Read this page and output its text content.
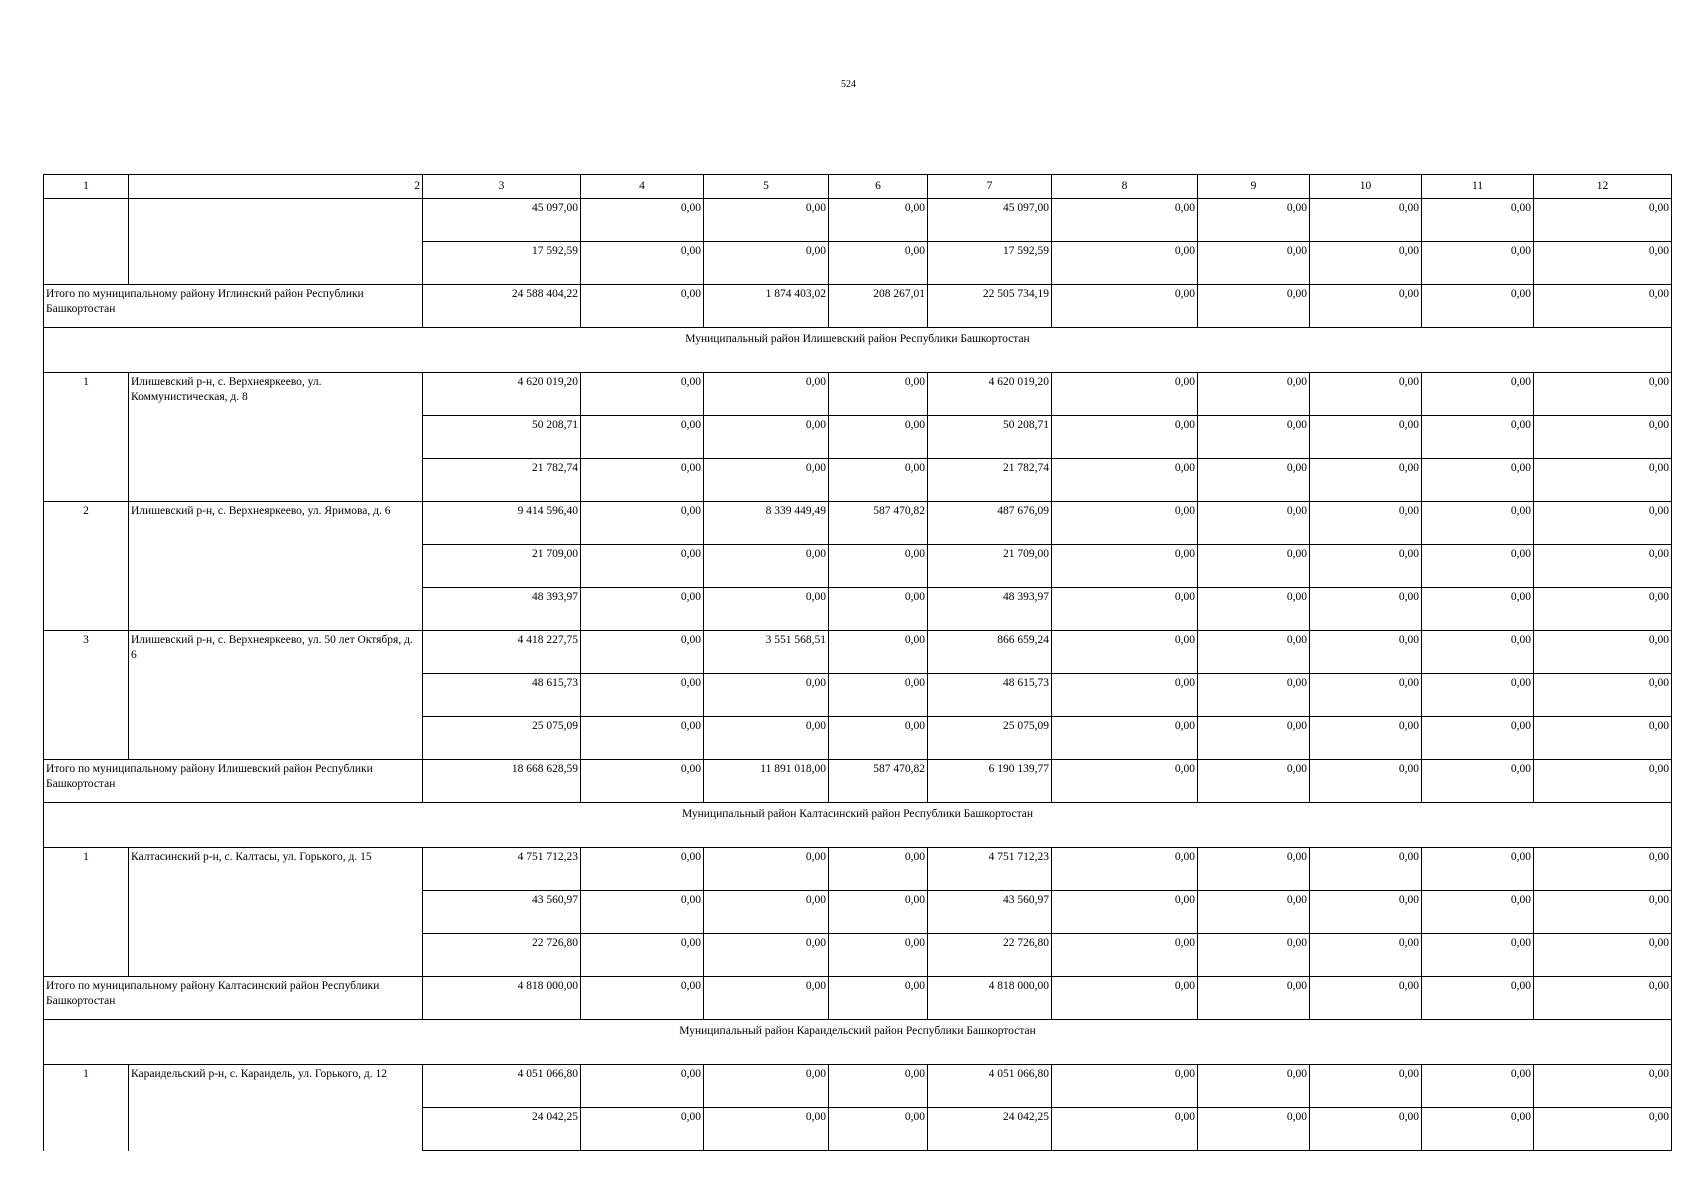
524
1	2	3	4	5	6	7	8	9	10	11	12
		45 097,00	0,00	0,00	0,00	45 097,00	0,00	0,00	0,00	0,00	0,00
		17 592,59	0,00	0,00	0,00	17 592,59	0,00	0,00	0,00	0,00	0,00
Итого по муниципальному району Иглинский район Республики Башкортостан		24 588 404,22	0,00	1 874 403,02	208 267,01	22 505 734,19	0,00	0,00	0,00	0,00	0,00
Муниципальный район Илишевский район Республики Башкортостан											
1	Илишевский р-н, с. Верхнеяркеево, ул. Коммунистическая, д. 8	4 620 019,20	0,00	0,00	0,00	4 620 019,20	0,00	0,00	0,00	0,00	0,00
		50 208,71	0,00	0,00	0,00	50 208,71	0,00	0,00	0,00	0,00	0,00
		21 782,74	0,00	0,00	0,00	21 782,74	0,00	0,00	0,00	0,00	0,00
2	Илишевский р-н, с. Верхнеяркеево, ул. Яримова, д. 6	9 414 596,40	0,00	8 339 449,49	587 470,82	487 676,09	0,00	0,00	0,00	0,00	0,00
		21 709,00	0,00	0,00	0,00	21 709,00	0,00	0,00	0,00	0,00	0,00
		48 393,97	0,00	0,00	0,00	48 393,97	0,00	0,00	0,00	0,00	0,00
3	Илишевский р-н, с. Верхнеяркеево, ул. 50 лет Октября, д. 6	4 418 227,75	0,00	3 551 568,51	0,00	866 659,24	0,00	0,00	0,00	0,00	0,00
		48 615,73	0,00	0,00	0,00	48 615,73	0,00	0,00	0,00	0,00	0,00
		25 075,09	0,00	0,00	0,00	25 075,09	0,00	0,00	0,00	0,00	0,00
Итого по муниципальному району Илишевский район Республики Башкортостан		18 668 628,59	0,00	11 891 018,00	587 470,82	6 190 139,77	0,00	0,00	0,00	0,00	0,00
Муниципальный район Калтасинский район Республики Башкортостан											
1	Калтасинский р-н, с. Калтасы, ул. Горького, д. 15	4 751 712,23	0,00	0,00	0,00	4 751 712,23	0,00	0,00	0,00	0,00	0,00
		43 560,97	0,00	0,00	0,00	43 560,97	0,00	0,00	0,00	0,00	0,00
		22 726,80	0,00	0,00	0,00	22 726,80	0,00	0,00	0,00	0,00	0,00
Итого по муниципальному району Калтасинский район Республики Башкортостан		4 818 000,00	0,00	0,00	0,00	4 818 000,00	0,00	0,00	0,00	0,00	0,00
Муниципальный район Караидельский район Республики Башкортостан											
1	Караидельский р-н, с. Карaидель, ул. Горького, д. 12	4 051 066,80	0,00	0,00	0,00	4 051 066,80	0,00	0,00	0,00	0,00	0,00
		24 042,25	0,00	0,00	0,00	24 042,25	0,00	0,00	0,00	0,00	0,00
